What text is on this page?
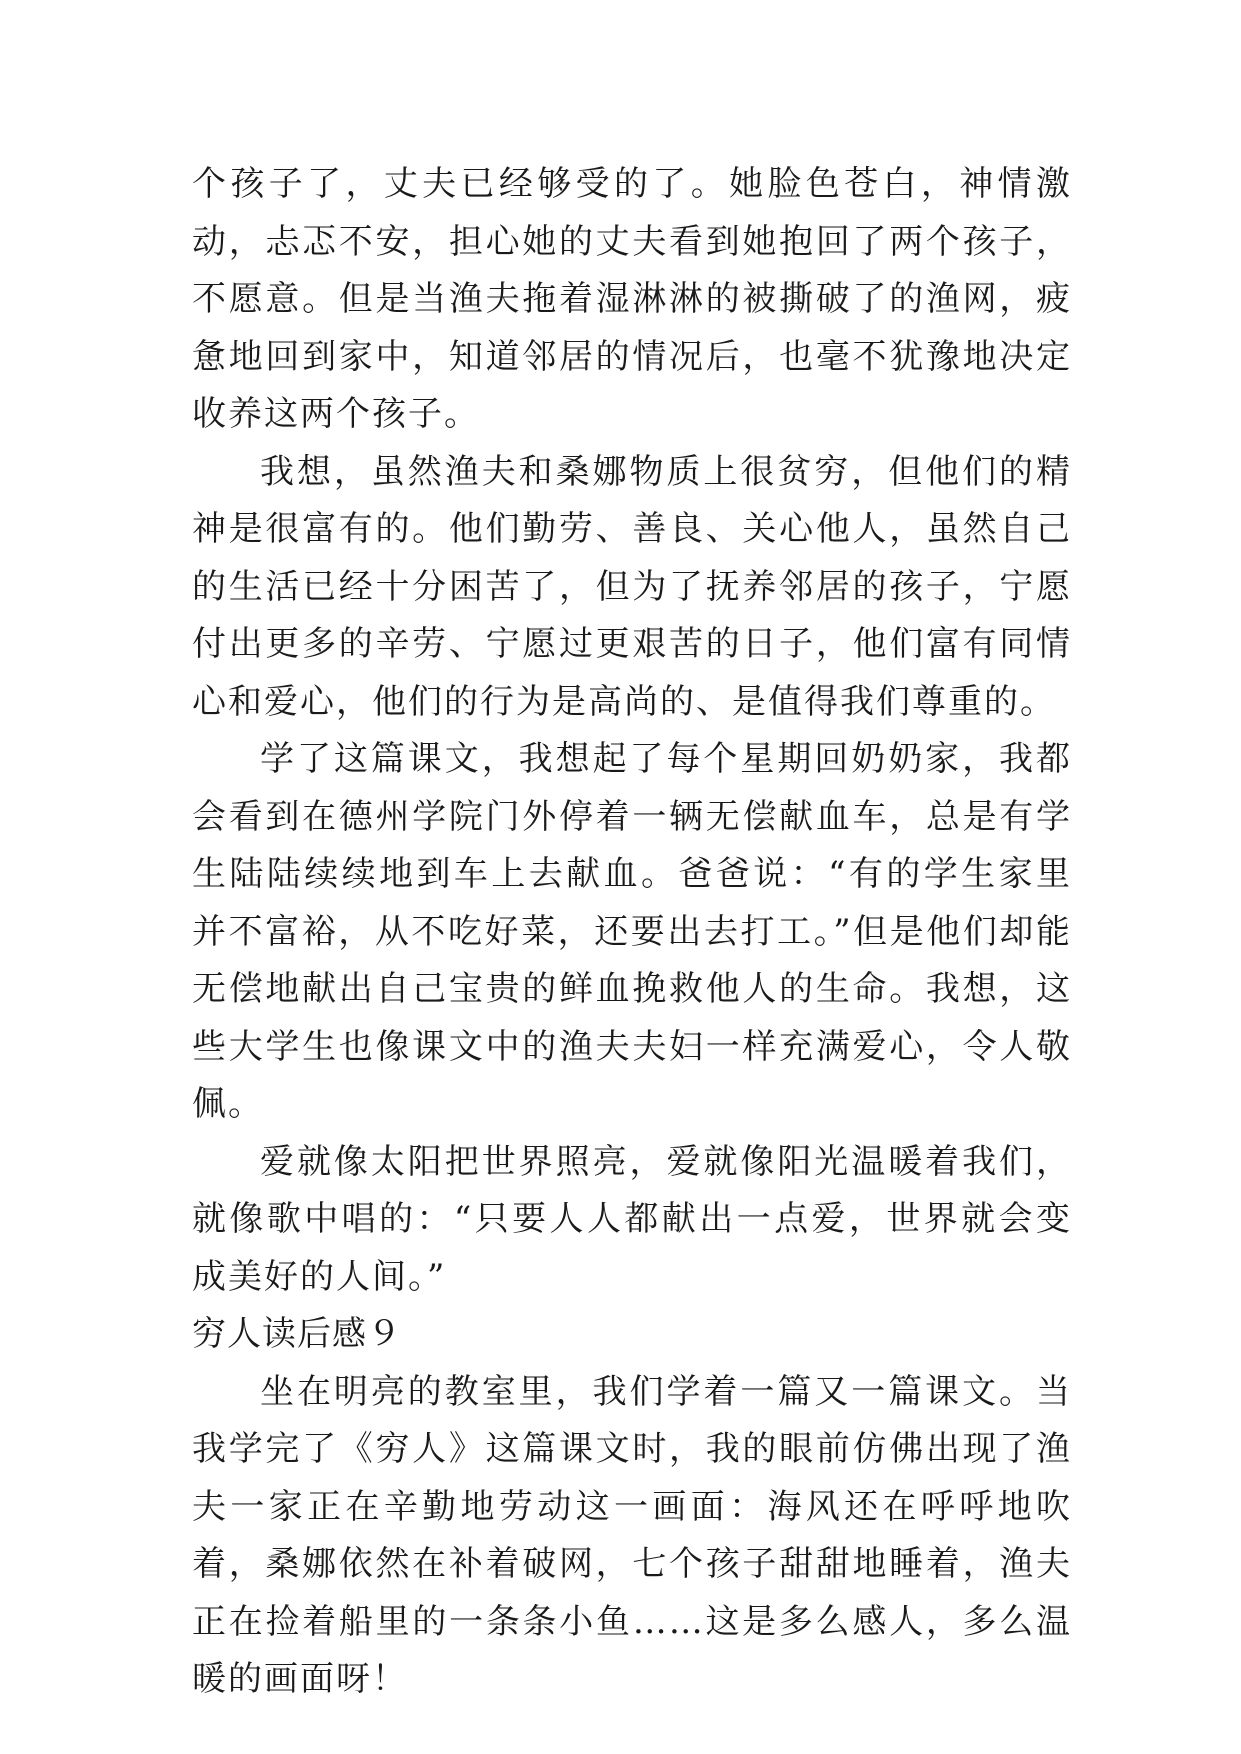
个孩子了，丈夫已经够受的了。她脸色苍白，神情激动，忐忑不安，担心她的丈夫看到她抱回了两个孩子，不愿意。但是当渔夫拖着湿淋淋的被撕破了的渔网，疲惫地回到家中，知道邻居的情况后，也毫不犹豫地决定收养这两个孩子。

我想，虽然渔夫和桑娜物质上很贫穷，但他们的精神是很富有的。他们勤劳、善良、关心他人，虽然自己的生活已经十分困苦了，但为了抚养邻居的孩子，宁愿付出更多的辛劳、宁愿过更艰苦的日子，他们富有同情心和爱心，他们的行为是高尚的、是值得我们尊重的。

学了这篇课文，我想起了每个星期回奶奶家，我都会看到在德州学院门外停着一辆无偿献血车，总是有学生陆陆续续地到车上去献血。爸爸说：“有的学生家里并不富裕，从不吃好菜，还要出去打工。”但是他们却能无偿地献出自己宝贵的鲜血挽救他人的生命。我想，这些大学生也像课文中的渔夫夫妇一样充满爱心，令人敬佩。

爱就像太阳把世界照亮，爱就像阳光温暖着我们，就像歌中唱的：“只要人人都献出一点爱，世界就会变成美好的人间。”

穷人读后感９

坐在明亮的教室里，我们学着一篇又一篇课文。当我学完了《穷人》这篇课文时，我的眼前仿佛出现了渔夫一家正在辛勤地劳动这一画面：海风还在呼呼地吹着，桑娜依然在补着破网，七个孩子甜甜地睡着，渔夫正在捡着船里的一条条小鱼……这是多么感人，多么温暖的画面呀！
